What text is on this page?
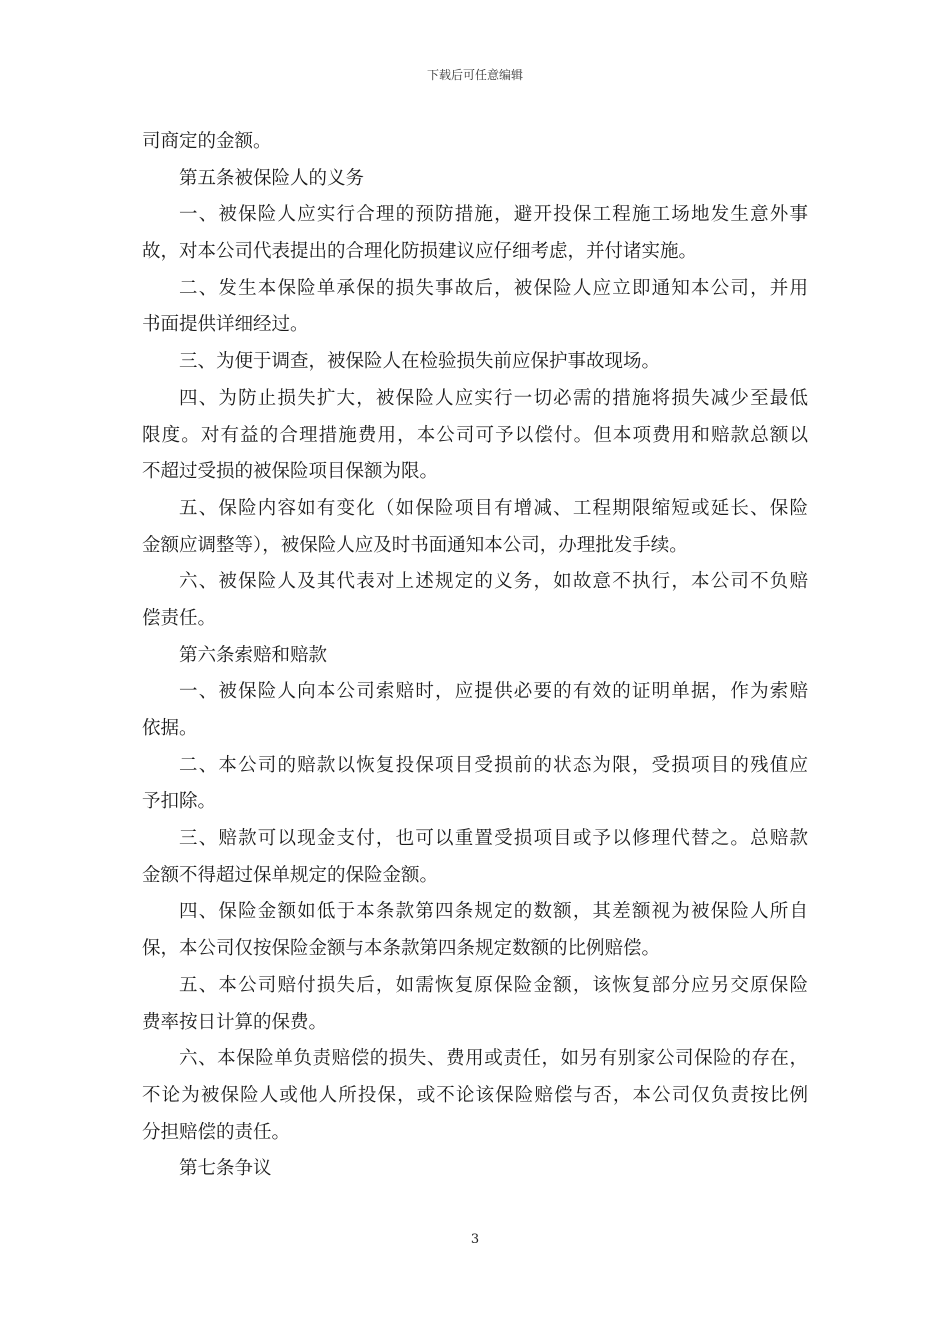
下载后可任意编辑
司商定的金额。
第五条被保险人的义务
一、被保险人应实行合理的预防措施，避开投保工程施工场地发生意外事
故，对本公司代表提出的合理化防损建议应仔细考虑，并付诸实施。
二、发生本保险单承保的损失事故后，被保险人应立即通知本公司，并用
书面提供详细经过。
三、为便于调查，被保险人在检验损失前应保护事故现场。
四、为防止损失扩大，被保险人应实行一切必需的措施将损失减少至最低
限度。对有益的合理措施费用，本公司可予以偿付。但本项费用和赔款总额以
不超过受损的被保险项目保额为限。
五、保险内容如有变化（如保险项目有增减、工程期限缩短或延长、保险
金额应调整等），被保险人应及时书面通知本公司，办理批发手续。
六、被保险人及其代表对上述规定的义务，如故意不执行，本公司不负赔
偿责任。
第六条索赔和赔款
一、被保险人向本公司索赔时，应提供必要的有效的证明单据，作为索赔
依据。
二、本公司的赔款以恢复投保项目受损前的状态为限，受损项目的残值应
予扣除。
三、赔款可以现金支付，也可以重置受损项目或予以修理代替之。总赔款
金额不得超过保单规定的保险金额。
四、保险金额如低于本条款第四条规定的数额，其差额视为被保险人所自
保，本公司仅按保险金额与本条款第四条规定数额的比例赔偿。
五、本公司赔付损失后，如需恢复原保险金额，该恢复部分应另交原保险
费率按日计算的保费。
六、本保险单负责赔偿的损失、费用或责任，如另有别家公司保险的存在，
不论为被保险人或他人所投保，或不论该保险赔偿与否，本公司仅负责按比例
分担赔偿的责任。
第七条争议
3
